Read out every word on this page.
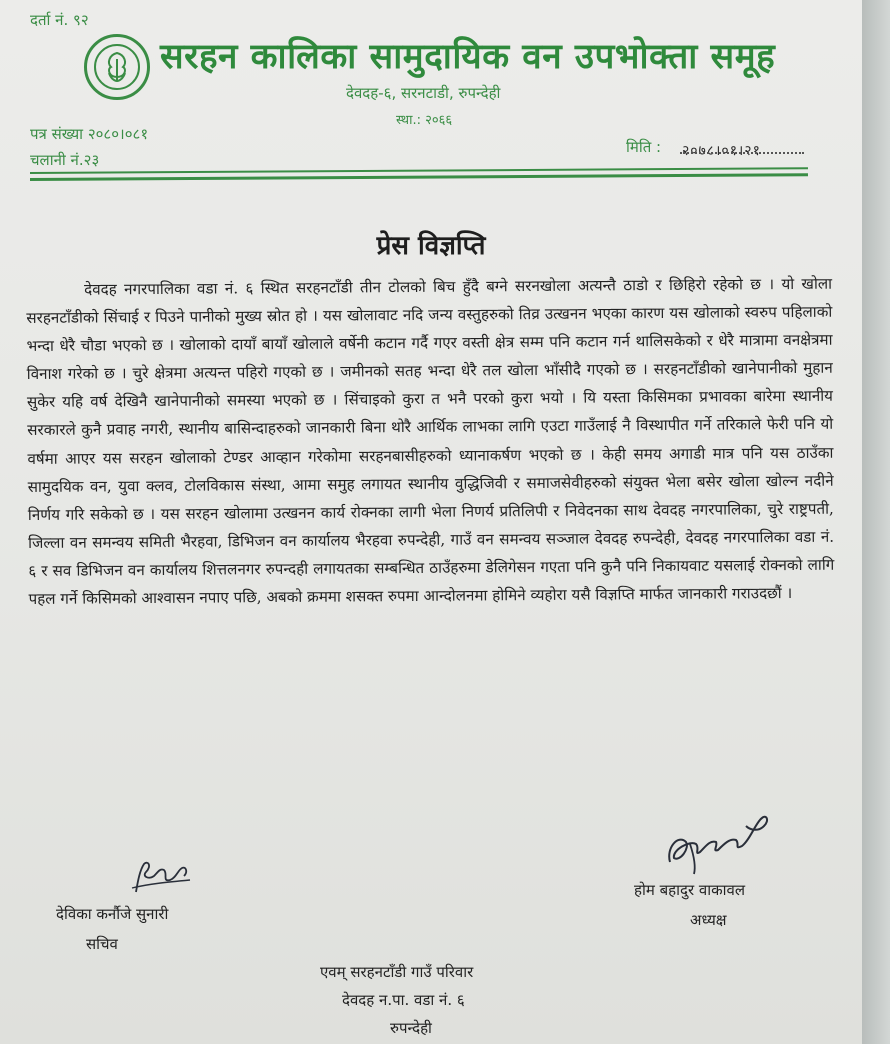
दर्ता नं. ९२
सरहन कालिका सामुदायिक वन उपभोक्ता समूह
देवदह-६, सरनटाडी, रुपन्देही
स्था.: २०६६
पत्र संख्या २०८०।०८१
चलानी नं.२३
मिति : २०७८।०१।२१
प्रेस विज्ञप्ति
देवदह नगरपालिका वडा नं. ६ स्थित सरहनटाँडी तीन टोलको बिच हुँदै बग्ने सरनखोला अत्यन्तै ठाडो र छिहिरो रहेको छ । यो खोला सरहनटाँडीको सिंचाई र पिउने पानीको मुख्य स्रोत हो । यस खोलावाट नदि जन्य वस्तुहरुको तिव्र उत्खनन भएका कारण यस खोलाको स्वरुप पहिलाको भन्दा धेरै चौडा भएको छ । खोलाको दायाँ बायाँ खोलाले वर्षेनी कटान गर्दै गएर वस्ती क्षेत्र सम्म पनि कटान गर्न थालिसकेको र धेरै मात्रामा वनक्षेत्रमा विनाश गरेको छ । चुरे क्षेत्रमा अत्यन्त पहिरो गएको छ । जमीनको सतह भन्दा धेरै तल खोला भाँसीदै गएको छ । सरहनटाँडीको खानेपानीको मुहान सुकेर यहि वर्ष देखिनै खानेपानीको समस्या भएको छ । सिंचाइको कुरा त भनै परको कुरा भयो । यि यस्ता किसिमका प्रभावका बारेमा स्थानीय सरकारले कुनै प्रवाह नगरी, स्थानीय बासिन्दाहरुको जानकारी बिना थोरै आर्थिक लाभका लागि एउटा गाउँलाई नै विस्थापीत गर्ने तरिकाले फेरी पनि यो वर्षमा आएर यस सरहन खोलाको टेण्डर आव्हान गरेकोमा सरहनबासीहरुको ध्यानाकर्षण भएको छ । केही समय अगाडी मात्र पनि यस ठाउँका सामुदयिक वन, युवा क्लव, टोलविकास संस्था, आमा समुह लगायत स्थानीय वुद्धिजिवी र समाजसेवीहरुको संयुक्त भेला बसेर खोला खोल्न नदीने निर्णय गरि सकेको छ । यस सरहन खोलामा उत्खनन कार्य रोक्नका लागी भेला निणर्य प्रतिलिपी र निवेदनका साथ देवदह नगरपालिका, चुरे राष्ट्रपती, जिल्ला वन समन्वय समिती भैरहवा, डिभिजन वन कार्यालय भैरहवा रुपन्देही, गाउँ वन समन्वय सञ्जाल देवदह रुपन्देही, देवदह नगरपालिका वडा नं. ६ र सव डिभिजन वन कार्यालय शित्तलनगर रुपन्दही लगायतका सम्बन्धित ठाउँहरुमा डेलिगेसन गएता पनि कुनै पनि निकायवाट यसलाई रोक्नको लागि पहल गर्ने किसिमको आश्वासन नपाए पछि, अबको क्रममा शसक्त रुपमा आन्दोलनमा होमिने व्यहोरा यसै विज्ञप्ति मार्फत जानकारी गराउदछौं ।
होम बहादुर वाकावल
अध्यक्ष
देविका कर्नौजे सुनारी
सचिव
एवम् सरहनटाँडी गाउँ परिवार
देवदह न.पा. वडा नं. ६
रुपन्देही
